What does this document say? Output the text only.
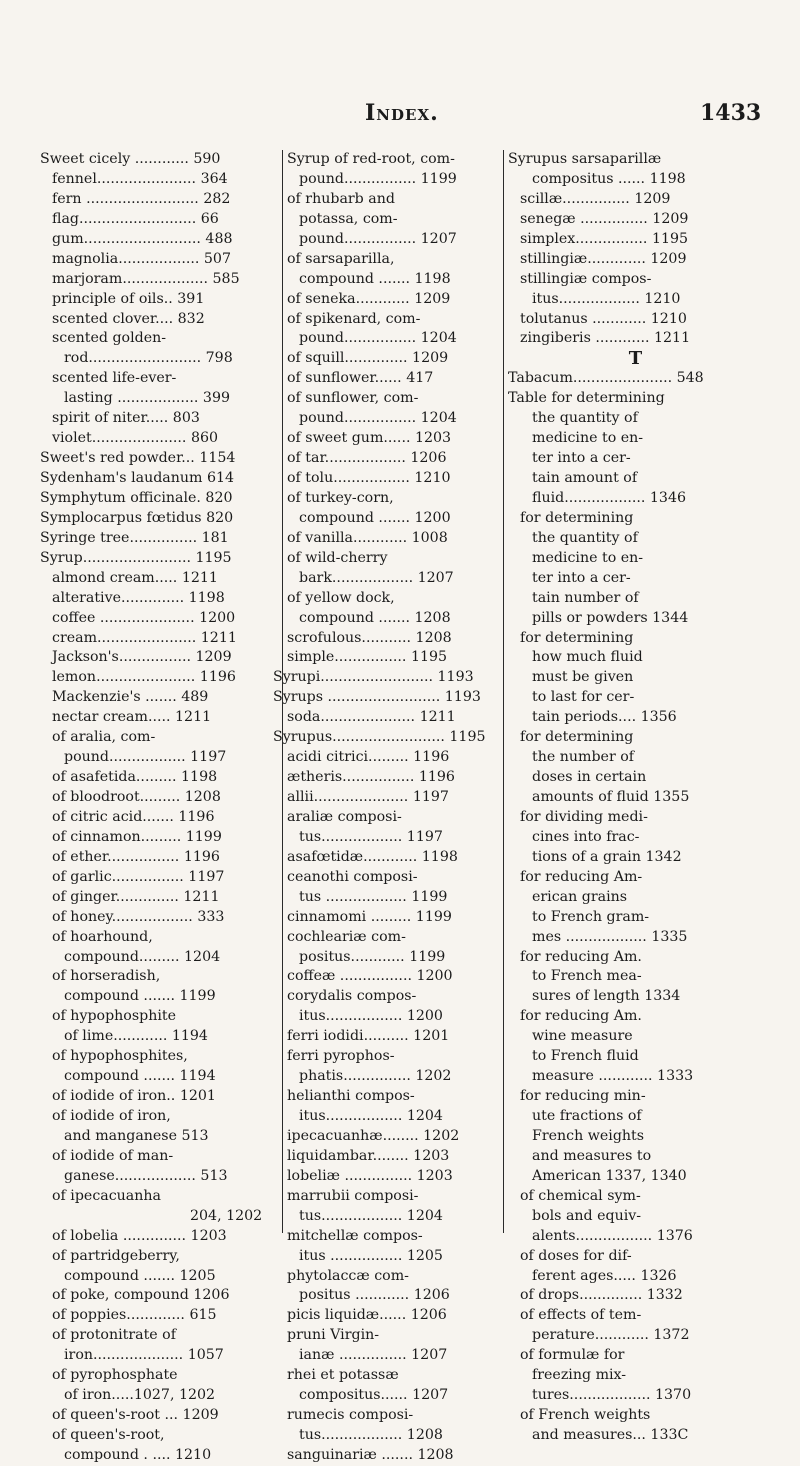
Index.	1433
Sweet cicely ............ 590
fennel...................... 364
fern ......................... 282
flag.......................... 66
gum.......................... 488
magnolia.................. 507
marjoram................... 585
principle of oils.. 391
scented clover.... 832
scented golden-
rod......................... 798
scented life-ever-
lasting .................. 399
spirit of niter..... 803
violet..................... 860
Sweet's red powder... 1154
Sydenham's laudanum 614
Symphytum officinale. 820
Symplocarpus fœtidus 820
Syringe tree............... 181
Syrup........................ 1195
almond cream..... 1211
alterative.............. 1198
coffee ..................... 1200
cream...................... 1211
Jackson's................ 1209
lemon...................... 1196
Mackenzie's ....... 489
nectar cream..... 1211
of aralia, com-
pound................. 1197
of asafetida......... 1198
of bloodroot......... 1208
of citric acid....... 1196
of cinnamon......... 1199
of ether................ 1196
of garlic................ 1197
of ginger.............. 1211
of honey.................. 333
of hoarhound,
compound......... 1204
of horseradish,
compound ....... 1199
of hypophosphite
of lime............ 1194
of hypophosphites,
compound ....... 1194
of iodide of iron.. 1201
of iodide of iron,
and manganese 513
of iodide of man-
ganese.................. 513
of ipecacuanha
204, 1202
of lobelia .............. 1203
of partridgeberry,
compound ....... 1205
of poke, compound 1206
of poppies............. 615
of protonitrate of
iron.................... 1057
of pyrophosphate
of iron.....1027, 1202
of queen's-root ... 1209
of queen's-root,
compound . .... 1210
Syrup of red-root, com-
pound................ 1199
of rhubarb and
potassa, com-
pound................ 1207
of sarsaparilla,
compound ....... 1198
of seneka............ 1209
of spikenard, com-
pound................ 1204
of squill.............. 1209
of sunflower...... 417
of sunflower, com-
pound................ 1204
of sweet gum...... 1203
of tar.................. 1206
of tolu................. 1210
of turkey-corn,
compound ....... 1200
of vanilla............ 1008
of wild-cherry
bark.................. 1207
of yellow dock,
compound ....... 1208
scrofulous........... 1208
simple................ 1195
Syrupi......................... 1193
Syrups ......................... 1193
soda..................... 1211
Syrupus......................... 1195
acidi citrici......... 1196
ætheris................ 1196
allii..................... 1197
araliæ composi-
tus.................. 1197
asafœtidæ............ 1198
ceanothi composi-
tus .................. 1199
cinnamomi ......... 1199
cochleariæ com-
positus............ 1199
coffeæ ................ 1200
corydalis compos-
itus................. 1200
ferri iodidi.......... 1201
ferri pyrophos-
phatis............... 1202
helianthi compos-
itus................. 1204
ipecacuanhæ........ 1202
liquidambar........ 1203
lobeliæ ............... 1203
marrubii composi-
tus.................. 1204
mitchellæ compos-
itus ................ 1205
phytolaccæ com-
positus ............ 1206
picis liquidæ...... 1206
pruni Virgin-
ianæ ............... 1207
rhei et potassæ
compositus...... 1207
rumecis composi-
tus.................. 1208
sanguinariæ ....... 1208
Syrupus sarsaparillæ
compositus ...... 1198
scillæ............... 1209
senegæ ............... 1209
simplex................ 1195
stillingiæ............. 1209
stillingiæ compos-
itus.................. 1210
tolutanus ............ 1210
zingiberis ............ 1211
T
Tabacum...................... 548
Table for determining
the quantity of
medicine to en-
ter into a cer-
tain amount of
fluid.................. 1346
for determining
the quantity of
medicine to en-
ter into a cer-
tain number of
pills or powders 1344
for determining
how much fluid
must be given
to last for cer-
tain periods.... 1356
for determining
the number of
doses in certain
amounts of fluid 1355
for dividing medi-
cines into frac-
tions of a grain 1342
for reducing Am-
erican grains
to French gram-
mes .................. 1335
for reducing Am.
to French mea-
sures of length 1334
for reducing Am.
wine measure
to French fluid
measure ............ 1333
for reducing min-
ute fractions of
French weights
and measures to
American 1337, 1340
of chemical sym-
bols and equiv-
alents................. 1376
of doses for dif-
ferent ages..... 1326
of drops.............. 1332
of effects of tem-
perature............ 1372
of formulæ for
freezing mix-
tures.................. 1370
of French weights
and measures... 133C
